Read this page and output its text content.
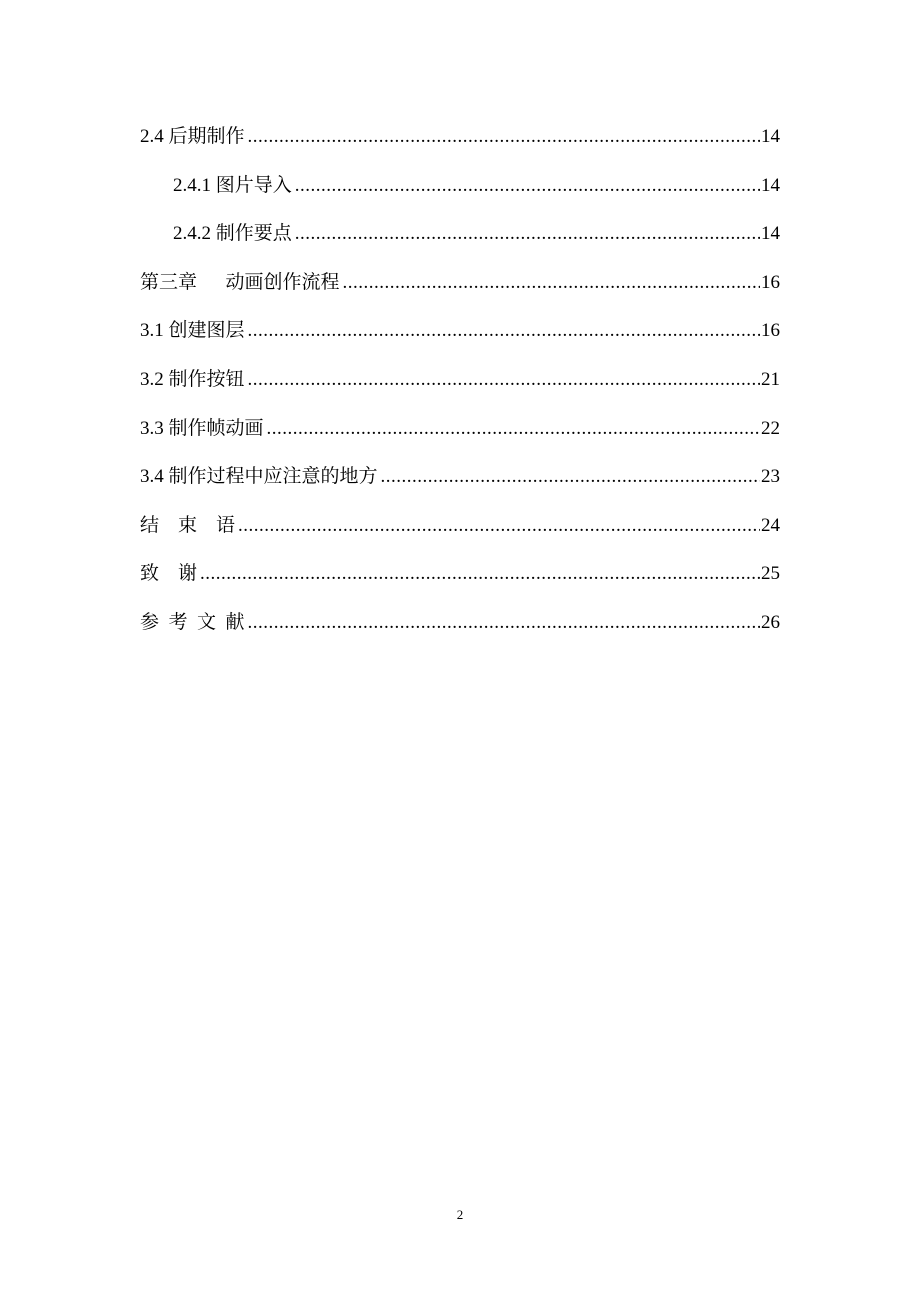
2.4 后期制作 .....	14
2.4.1 图片导入 .....	14
2.4.2 制作要点 .....	14
第三章      动画创作流程 .....	16
3.1 创建图层 .....	16
3.2 制作按钮 .....	21
3.3 制作帧动画 .....	22
3.4 制作过程中应注意的地方 .....	23
结    束    语 .....	24
致    谢 .....	25
参  考  文  献 .....	26
2
